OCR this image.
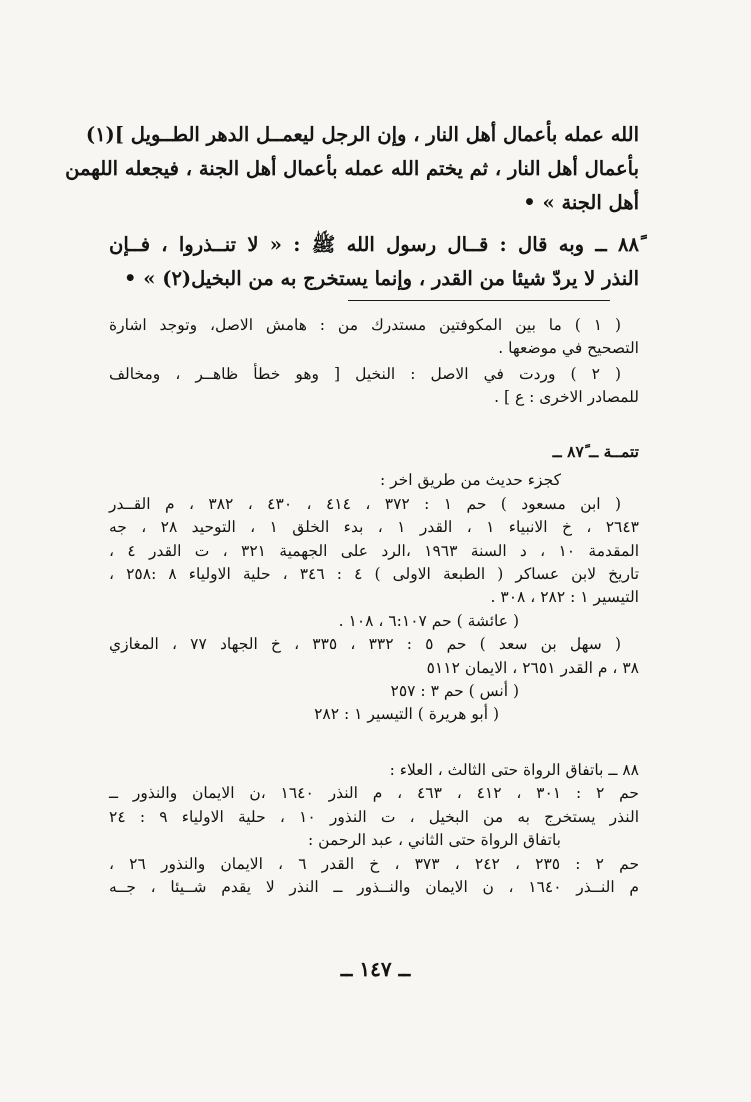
الله عمله بأعمال أهل النار ، وإن الرجل ليعمــل الدهر الطــويل ](١)
بأعمال أهل النار ، ثم يختم الله عمله بأعمال أهل الجنة ، فيجعله اللهمن
أهل الجنة » •
٨٨ً ــ وبه قال : قــال رسول الله ﷺ : « لا تنــذروا ، فــإن
النذر لا يردّ شيئا من القدر ، وإنما يستخرج به من البخيل(٢) » •
( ١ ) ما بين المكوفتين مستدرك من : هامش الاصل، وتوجد اشارة
التصحيح في موضعها .
( ٢ ) وردت في الاصل : النخيل [ وهو خطأ ظاهــر ، ومخالف
للمصادر الاخرى : ع ] .
تتمــة ــ ٨٧ً ــ
كجزء حديث من طريق اخر :
( ابن مسعود ) حم ١ : ٣٧٢ ، ٤١٤ ، ٤٣٠ ، ٣٨٢ ، م القــدر
٢٦٤٣ ، خ الانبياء ١ ، القدر ١ ، بدء الخلق ١ ، التوحيد ٢٨ ، جه
المقدمة ١٠ ، د السنة ١٩٦٣ ،الرد على الجهمية ٣٢١ ، ت القدر ٤ ،
تاريخ لابن عساكر ( الطبعة الاولى ) ٤ : ٣٤٦ ، حلية الاولياء ٨ :٢٥٨ ،
التيسير ١ : ٢٨٢ ، ٣٠٨ .
( عائشة ) حم ٦:١٠٧ ، ١٠٨ .
( سهل بن سعد ) حم ٥ : ٣٣٢ ، ٣٣٥ ، خ الجهاد ٧٧ ، المغازي
٣٨ ، م القدر ٢٦٥١ ، الايمان ٥١١٢
( أنس ) حم ٣ : ٢٥٧
( أبو هريرة ) التيسير ١ : ٢٨٢
٨٨ ــ باتفاق الرواة حتى الثالث ، العلاء :
حم ٢ : ٣٠١ ، ٤١٢ ، ٤٦٣ ، م النذر ١٦٤٠ ،ن الايمان والنذور ــ
النذر يستخرج به من البخيل ، ت النذور ١٠ ، حلية الاولياء ٩ : ٢٤
باتفاق الرواة حتى الثاني ، عبد الرحمن :
حم ٢ : ٢٣٥ ، ٢٤٢ ، ٣٧٣ ، خ القدر ٦ ، الايمان والنذور ٢٦ ،
م النــذر ١٦٤٠ ، ن الايمان والنــذور ــ النذر لا يقدم شــيئا ، جــه
ــ ١٤٧ ــ
